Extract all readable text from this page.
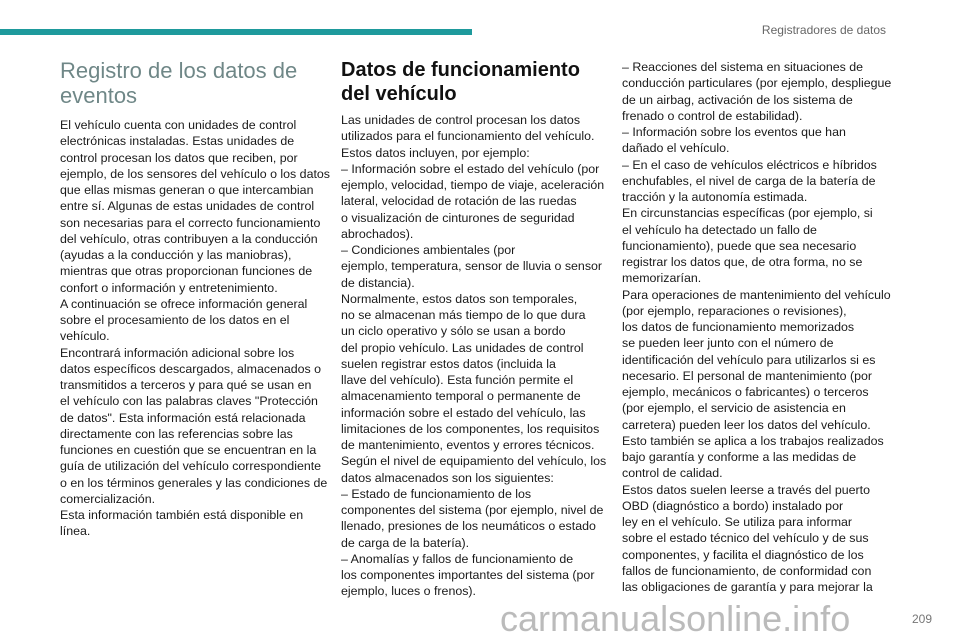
Registradores de datos
Registro de los datos de
eventos
El vehículo cuenta con unidades de control
electrónicas instaladas. Estas unidades de
control procesan los datos que reciben, por
ejemplo, de los sensores del vehículo o los datos
que ellas mismas generan o que intercambian
entre sí. Algunas de estas unidades de control
son necesarias para el correcto funcionamiento
del vehículo, otras contribuyen a la conducción
(ayudas a la conducción y las maniobras),
mientras que otras proporcionan funciones de
confort o información y entretenimiento.
A continuación se ofrece información general
sobre el procesamiento de los datos en el
vehículo.
Encontrará información adicional sobre los
datos específicos descargados, almacenados o
transmitidos a terceros y para qué se usan en
el vehículo con las palabras claves "Protección
de datos". Esta información está relacionada
directamente con las referencias sobre las
funciones en cuestión que se encuentran en la
guía de utilización del vehículo correspondiente
o en los términos generales y las condiciones de
comercialización.
Esta información también está disponible en
línea.
Datos de funcionamiento
del vehículo
Las unidades de control procesan los datos
utilizados para el funcionamiento del vehículo.
Estos datos incluyen, por ejemplo:
– Información sobre el estado del vehículo (por
ejemplo, velocidad, tiempo de viaje, aceleración
lateral, velocidad de rotación de las ruedas
o visualización de cinturones de seguridad
abrochados).
– Condiciones ambientales (por
ejemplo, temperatura, sensor de lluvia o sensor
de distancia).
Normalmente, estos datos son temporales,
no se almacenan más tiempo de lo que dura
un ciclo operativo y sólo se usan a bordo
del propio vehículo. Las unidades de control
suelen registrar estos datos (incluida la
llave del vehículo). Esta función permite el
almacenamiento temporal o permanente de
información sobre el estado del vehículo, las
limitaciones de los componentes, los requisitos
de mantenimiento, eventos y errores técnicos.
Según el nivel de equipamiento del vehículo, los
datos almacenados son los siguientes:
– Estado de funcionamiento de los
componentes del sistema (por ejemplo, nivel de
llenado, presiones de los neumáticos o estado
de carga de la batería).
– Anomalías y fallos de funcionamiento de
los componentes importantes del sistema (por
ejemplo, luces o frenos).
– Reacciones del sistema en situaciones de
conducción particulares (por ejemplo, despliegue
de un airbag, activación de los sistema de
frenado o control de estabilidad).
– Información sobre los eventos que han
dañado el vehículo.
– En el caso de vehículos eléctricos e híbridos
enchufables, el nivel de carga de la batería de
tracción y la autonomía estimada.
En circunstancias específicas (por ejemplo, si
el vehículo ha detectado un fallo de
funcionamiento), puede que sea necesario
registrar los datos que, de otra forma, no se
memorizarían.
Para operaciones de mantenimiento del vehículo
(por ejemplo, reparaciones o revisiones),
los datos de funcionamiento memorizados
se pueden leer junto con el número de
identificación del vehículo para utilizarlos si es
necesario. El personal de mantenimiento (por
ejemplo, mecánicos o fabricantes) o terceros
(por ejemplo, el servicio de asistencia en
carretera) pueden leer los datos del vehículo.
Esto también se aplica a los trabajos realizados
bajo garantía y conforme a las medidas de
control de calidad.
Estos datos suelen leerse a través del puerto
OBD (diagnóstico a bordo) instalado por
ley en el vehículo. Se utiliza para informar
sobre el estado técnico del vehículo y de sus
componentes, y facilita el diagnóstico de los
fallos de funcionamiento, de conformidad con
las obligaciones de garantía y para mejorar la
carmanualsonline.info	209
